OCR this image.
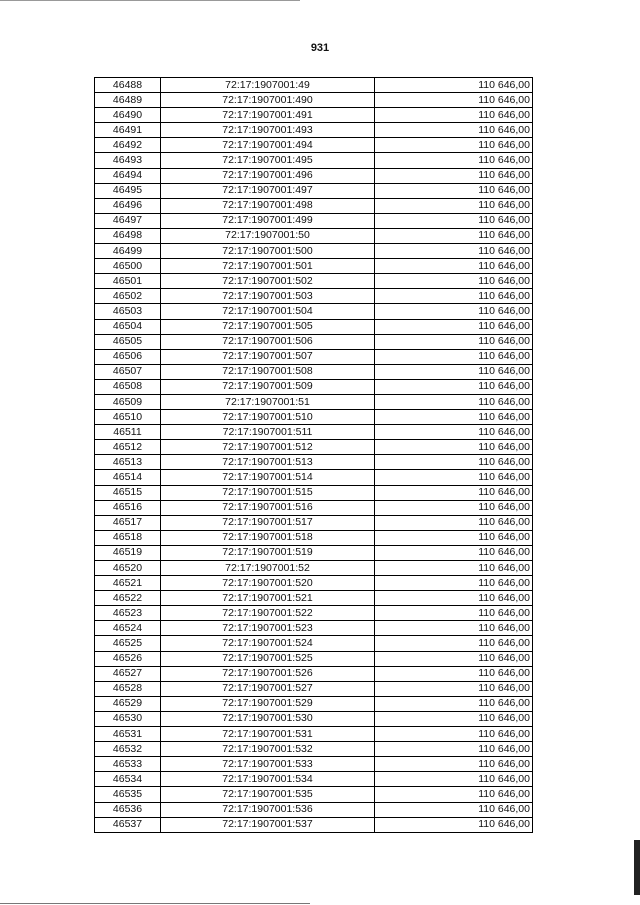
931
46488	72:17:1907001:49	110 646,00
46489	72:17:1907001:490	110 646,00
46490	72:17:1907001:491	110 646,00
46491	72:17:1907001:493	110 646,00
46492	72:17:1907001:494	110 646,00
46493	72:17:1907001:495	110 646,00
46494	72:17:1907001:496	110 646,00
46495	72:17:1907001:497	110 646,00
46496	72:17:1907001:498	110 646,00
46497	72:17:1907001:499	110 646,00
46498	72:17:1907001:50	110 646,00
46499	72:17:1907001:500	110 646,00
46500	72:17:1907001:501	110 646,00
46501	72:17:1907001:502	110 646,00
46502	72:17:1907001:503	110 646,00
46503	72:17:1907001:504	110 646,00
46504	72:17:1907001:505	110 646,00
46505	72:17:1907001:506	110 646,00
46506	72:17:1907001:507	110 646,00
46507	72:17:1907001:508	110 646,00
46508	72:17:1907001:509	110 646,00
46509	72:17:1907001:51	110 646,00
46510	72:17:1907001:510	110 646,00
46511	72:17:1907001:511	110 646,00
46512	72:17:1907001:512	110 646,00
46513	72:17:1907001:513	110 646,00
46514	72:17:1907001:514	110 646,00
46515	72:17:1907001:515	110 646,00
46516	72:17:1907001:516	110 646,00
46517	72:17:1907001:517	110 646,00
46518	72:17:1907001:518	110 646,00
46519	72:17:1907001:519	110 646,00
46520	72:17:1907001:52	110 646,00
46521	72:17:1907001:520	110 646,00
46522	72:17:1907001:521	110 646,00
46523	72:17:1907001:522	110 646,00
46524	72:17:1907001:523	110 646,00
46525	72:17:1907001:524	110 646,00
46526	72:17:1907001:525	110 646,00
46527	72:17:1907001:526	110 646,00
46528	72:17:1907001:527	110 646,00
46529	72:17:1907001:529	110 646,00
46530	72:17:1907001:530	110 646,00
46531	72:17:1907001:531	110 646,00
46532	72:17:1907001:532	110 646,00
46533	72:17:1907001:533	110 646,00
46534	72:17:1907001:534	110 646,00
46535	72:17:1907001:535	110 646,00
46536	72:17:1907001:536	110 646,00
46537	72:17:1907001:537	110 646,00
